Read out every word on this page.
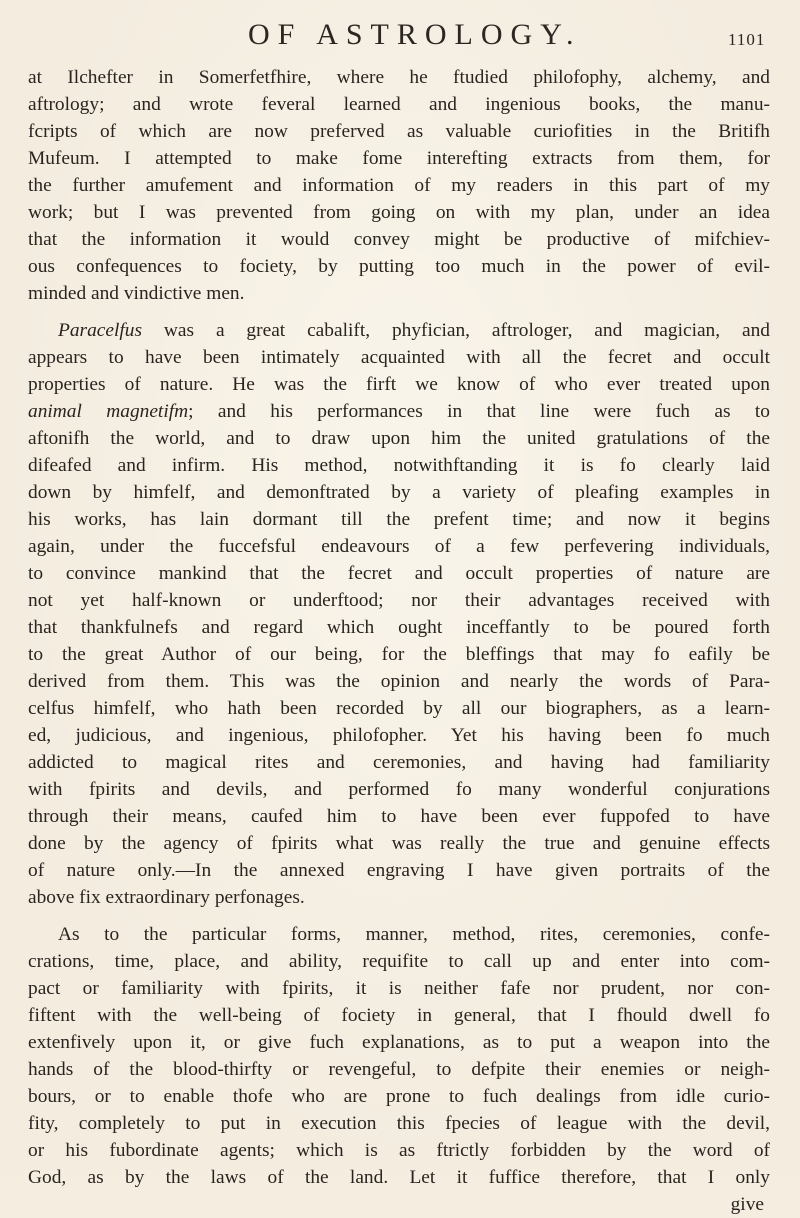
OF ASTROLOGY.	1101
at Ilchefter in Somerfetfhire, where he ftudied philofophy, alchemy, and
aftrology; and wrote feveral learned and ingenious books, the manu-
fcripts of which are now preferved as valuable curiofities in the Britifh
Mufeum. I attempted to make fome interefting extracts from them, for
the further amufement and information of my readers in this part of my
work; but I was prevented from going on with my plan, under an idea
that the information it would convey might be productive of mifchiev-
ous confequences to fociety, by putting too much in the power of evil-
minded and vindictive men.
Paracelfus was a great cabalift, phyfician, aftrologer, and magician, and
appears to have been intimately acquainted with all the fecret and occult
properties of nature. He was the firft we know of who ever treated upon
animal magnetifm; and his performances in that line were fuch as to
aftonifh the world, and to draw upon him the united gratulations of the
difeafed and infirm. His method, notwithftanding it is fo clearly laid
down by himfelf, and demonftrated by a variety of pleafing examples in
his works, has lain dormant till the prefent time; and now it begins
again, under the fuccefsful endeavours of a few perfevering individuals,
to convince mankind that the fecret and occult properties of nature are
not yet half-known or underftood; nor their advantages received with
that thankfulnefs and regard which ought inceffantly to be poured forth
to the great Author of our being, for the bleffings that may fo eafily be
derived from them. This was the opinion and nearly the words of Para-
celfus himfelf, who hath been recorded by all our biographers, as a learn-
ed, judicious, and ingenious, philofopher. Yet his having been fo much
addicted to magical rites and ceremonies, and having had familiarity
with fpirits and devils, and performed fo many wonderful conjurations
through their means, caufed him to have been ever fuppofed to have
done by the agency of fpirits what was really the true and genuine effects
of nature only.—In the annexed engraving I have given portraits of the
above fix extraordinary perfonages.
As to the particular forms, manner, method, rites, ceremonies, confe-
crations, time, place, and ability, requifite to call up and enter into com-
pact or familiarity with fpirits, it is neither fafe nor prudent, nor con-
fiftent with the well-being of fociety in general, that I fhould dwell fo
extenfively upon it, or give fuch explanations, as to put a weapon into the
hands of the blood-thirfty or revengeful, to defpite their enemies or neigh-
bours, or to enable thofe who are prone to fuch dealings from idle curio-
fity, completely to put in execution this fpecies of league with the devil,
or his fubordinate agents; which is as ftrictly forbidden by the word of
God, as by the laws of the land. Let it fuffice therefore, that I only
give
